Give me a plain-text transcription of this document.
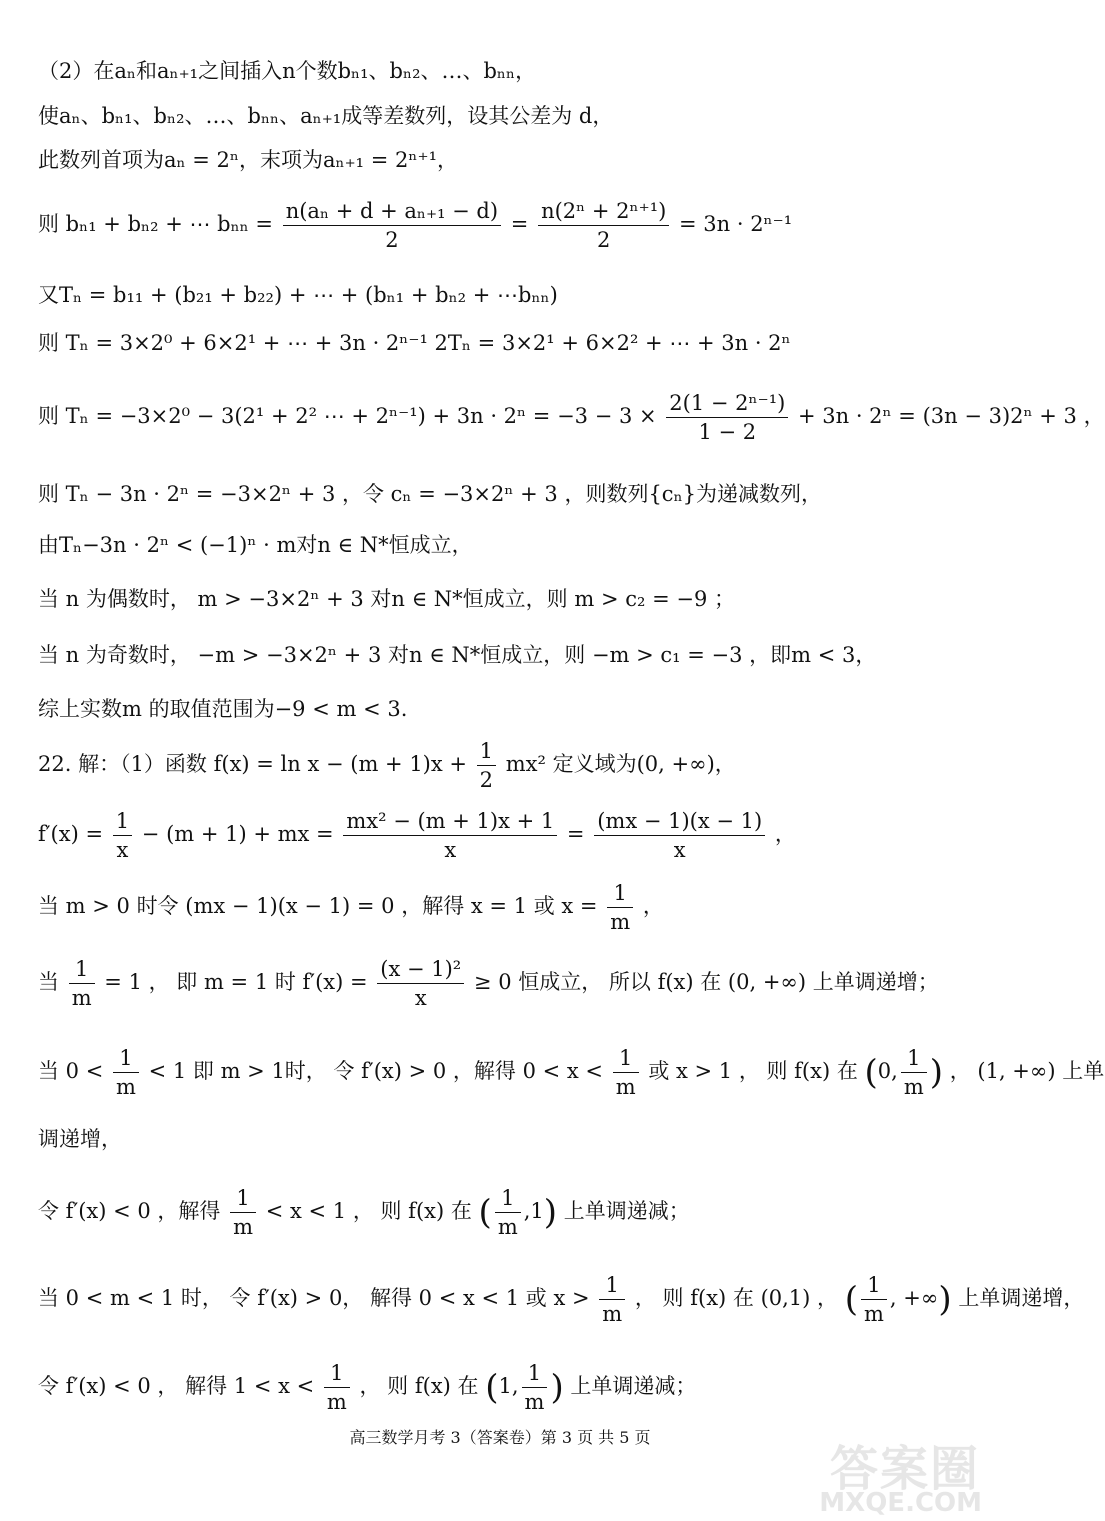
（2）在aₙ和aₙ₊₁之间插入n个数bₙ₁、bₙ₂、…、bₙₙ，
使aₙ、bₙ₁、bₙ₂、…、bₙₙ、aₙ₊₁成等差数列，设其公差为 d，
此数列首项为aₙ = 2ⁿ，末项为aₙ₊₁ = 2ⁿ⁺¹，
则 bₙ₁ + bₙ₂ + ⋯ $b_{nn} = \frac{\text{n(aₙ + d + aₙ₊₁ − d)}}{2} = \frac{\text{n(2ⁿ + 2ⁿ⁺¹)}}{2} = 3n \cdot 2^{n-1}$
又Tₙ = b₁₁ + (b₂₁ + b₂₂) + ⋯ + (bₙ₁ + bₙ₂ + ⋯bₙₙ)
则 Tₙ = 3×2⁰ + 6×2¹ + ⋯ + 3n · 2ⁿ⁻¹ 2Tₙ = 3×2¹ + 6×2² + ⋯ + 3n · 2ⁿ
则 Tₙ = −3×2⁰ − 3(2¹ + 2² ⋯ + $2^{n-1}) + 3n \cdot 2^n = -3 - 3 \times \frac{\text{2(1 − 2ⁿ⁻¹)}}{1 - 2} + 3n \cdot 2^n = (3n - 3)2^n + 3$ ，
则 Tₙ − 3n · 2ⁿ = −3×2ⁿ + 3 ，令 cₙ = −3×2ⁿ + 3 ，则数列{cₙ}为递减数列，
由Tₙ−3n · 2ⁿ < (−1)ⁿ · m对n ∈ N*恒成立，
当 n 为偶数时， m > −3×2ⁿ + 3 对n ∈ N*恒成立，则 m > c₂ = −9 ；
当 n 为奇数时， −m > −3×2ⁿ + 3 对n ∈ N*恒成立，则 −m > c₁ = −3 ，即m < 3，
综上实数m 的取值范围为−9 < m < 3.
22. 解：（1）函数 $f(x) = \ln x - (m + 1)x + \frac{1}{2} mx^2$ 定义域为(0, +∞)，
$f'(x) = \frac{1}{x} - (m + 1)$ + mx = $\frac{\text{mx² − (m + 1)x + 1}}{x} = \frac{(mx - 1)(x - 1)}{x}$ ，
当 m > 0 时令 (mx − 1)(x − 1) = 0 ，解得 x = 1 或 $x = \frac{1}{m}$ ，
当 $\frac{1}{m} = 1$ ， 即 m = 1 时 $f'(x) = \frac{\text{(x − 1)²}}{x} \ge 0$ 恒成立， 所以 f(x) 在 (0, +∞) 上单调递增；
当 $0 < \frac{1}{m} < 1$ 即 m > 1时， 令 f′(x) > 0 ，解得 $0 < x < \frac{1}{m}$ 或 x > 1 ， 则 f(x) 在 (0, $\frac{1}{m}$ ) ， (1, +∞) 上单
调递增，
令 f′(x) < 0 ，解得 $\frac{1}{m} < x < 1$ ， 则 f(x) 在 ( $\frac{1}{m} ,1$) 上单调递减；
当 0 < m < 1 时， 令 f′(x) > 0， 解得 0 < x < 1 或 $x > \frac{1}{m}$ ， 则 f(x) 在 (0,1) ， ( $\frac{1}{m}$ , +∞) 上单调递增，
令 f′(x) < 0 ， 解得 $1 < x < \frac{1}{m}$ ， 则 f(x) 在 (1, $\frac{1}{m}$ ) 上单调递减；
高三数学月考 3（答案卷）第 3 页 共 5 页
答案圈
MXQE.COM
